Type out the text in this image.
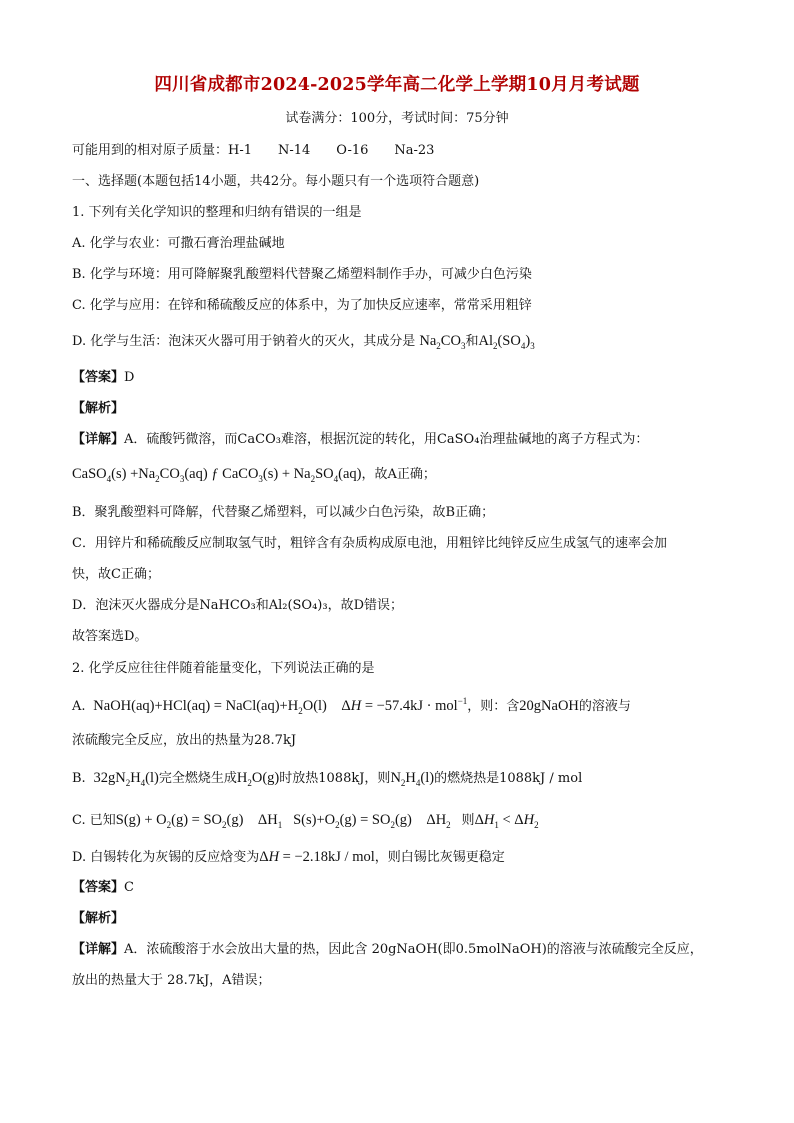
四川省成都市2024-2025学年高二化学上学期10月月考试题
试卷满分：100分，考试时间：75分钟
可能用到的相对原子质量：H-1　　N-14　　O-16　　Na-23
一、选择题(本题包括14小题，共42分。每小题只有一个选项符合题意)
1. 下列有关化学知识的整理和归纳有错误的一组是
A. 化学与农业：可撒石膏治理盐碱地
B. 化学与环境：用可降解聚乳酸塑料代替聚乙烯塑料制作手办，可减少白色污染
C. 化学与应用：在锌和稀硫酸反应的体系中，为了加快反应速率，常常采用粗锌
D. 化学与生活：泡沫灭火器可用于钠着火的灭火，其成分是 $Na_2CO_3$和$Al_2(SO_4)_3$
【 答案 】 D
【 解析 】
【 详解 】 A．硫酸钙微溶，而CaCO₃难溶，根据沉淀的转化，用CaSO₄治理盐碱地的离子方程式为：
CaSO$_4$(s) $+Na_2CO_3(aq)$ ƒ CaCO$_3$(s) + $Na_2SO_4(aq)$，故A正确；
B．聚乳酸塑料可降解，代替聚乙烯塑料，可以减少白色污染，故B正确；
C．用锌片和稀硫酸反应制取氢气时，粗锌含有杂质构成原电池，用粗锌比纯锌反应生成氢气的速率会加
快，故C正确；
D．泡沫灭火器成分是NaHCO₃和Al₂(SO₄)₃，故D错误；
故答案选D。
2. 化学反应往往伴随着能量变化，下列说法正确的是
A.  NaOH(aq)+HCl(aq) = $NaCl(aq)+H_2O(l)$    ΔH = −57.4kJ · mol$^{-1}$，则：含20gNaOH的溶液与
浓硫酸完全反应，放出的热量为28.7kJ
B.  $32gN_2H_4(l)$完全燃烧生成$H_2O(g)$时放热1088kJ，则$N_2H_4(l)$的燃烧热是1088kJ / mol
C. 已知$S(g) + O_2(g) = SO_2(g)$    $\Delta H_1$   $S(s)+O_2(g) = SO_2(g)$    $\Delta H_2$ 则$\Delta H_1 < \Delta H_2$
D. 白锡转化为灰锡的反应焓变为ΔH = −2.18kJ / mol，则白锡比灰锡更稳定
【 答案 】 C
【 解析 】
【 详解 】 A．浓硫酸溶于水会放出大量的热，因此含 20gNaOH(即0.5molNaOH)的溶液与浓硫酸完全反应，
放出的热量大于 28.7kJ，A错误；
